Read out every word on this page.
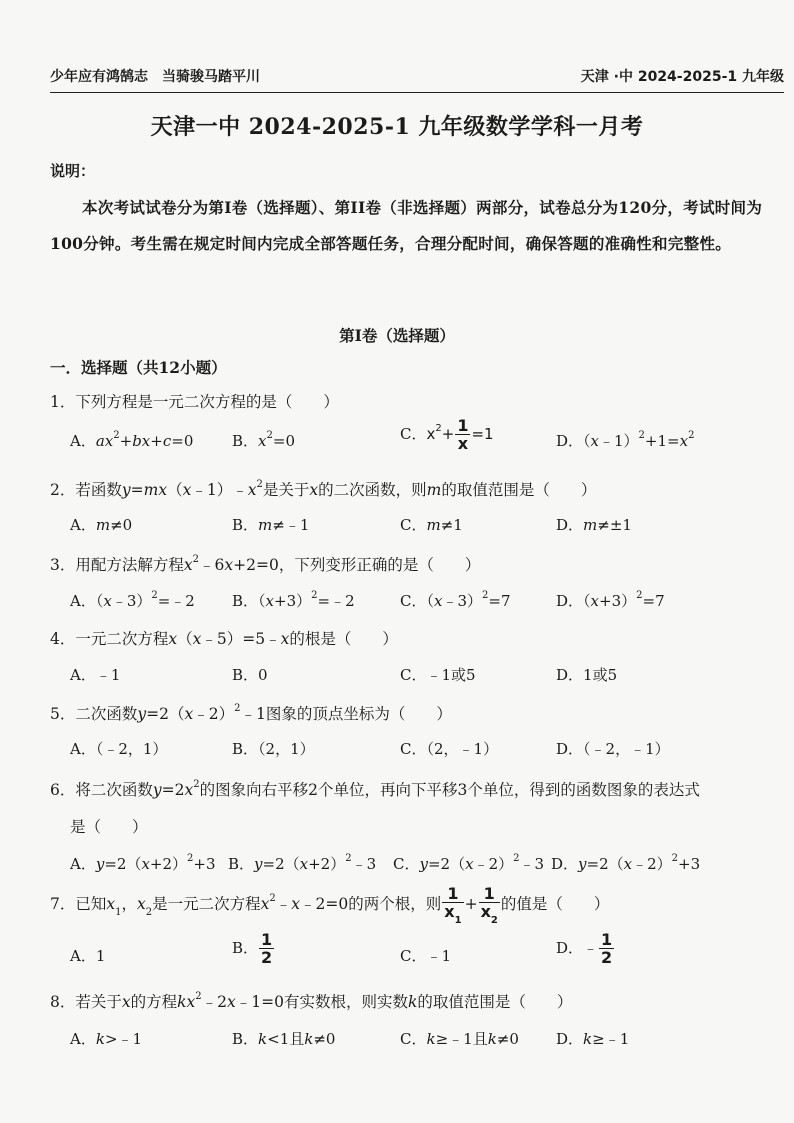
少年应有鸿鹄志　当骑骏马踏平川	天津 ·中 2024-2025-1 九年级
天津一中 2024-2025-1 九年级数学学科一月考
说明：
本次考试试卷分为第I卷（选择题）、第II卷（非选择题）两部分，试卷总分为120分，考试时间为100分钟。考生需在规定时间内完成全部答题任务，合理分配时间，确保答题的准确性和完整性。
第I卷（选择题）
一．选择题（共12小题）
1．下列方程是一元二次方程的是（　　）
A．$ax^2+bx+c=0$	B．$x^2=0$	C．$x^2+ \frac{1}{x} =1$	D．$(x﹣1)^2+1=x^2$
2．若函数$y=mx(x﹣1)﹣x^2$是关于x的二次函数，则m的取值范围是（　　）
A．m≠0	B．m≠﹣1	C．m≠1	D．m≠±1
3．用配方法解方程$x^2﹣6x+2=0$，下列变形正确的是（　　）
A．（x﹣3）$^2$=﹣2 B．$(x+3)^2=﹣2$	C．（x﹣3）$^2$=7	D．$(x+3)^2=7$
4．一元二次方程x（x﹣5）=5﹣x的根是（　　）
A．﹣1	B．0	C．﹣1或5	D．1或5
5．二次函数y=2（x﹣2）$^2$﹣1图象的顶点坐标为（　　）
A．（﹣2，1）	B．（2，1）	C．（2，﹣1）	D．（﹣2，﹣1）
6．将二次函数$y=2x^2$的图象向右平移2个单位，再向下平移3个单位，得到的函数图象的表达式
是（　　）
A．$y=2(x+2)^2+3$ B．$y=2(x+2)^2﹣3$ C．y=2（x﹣2）$^2$﹣3 D．y=2（x﹣2）$^2$+3
7．已知$x_1$，$x_2$是一元二次方程$x^2﹣x﹣2=0$的两个根，则 $\frac{1}{x_1} + \frac{1}{x_2}$ 的值是（　　）
A．1	B． $\frac{1}{2}$	C．﹣1	D．﹣ $\frac{1}{2}$
8．若关于x的方程$kx^2﹣2x﹣1=0$有实数根，则实数k的取值范围是（　　）
A．k>﹣1	B．k<1且k≠0	C．k≥﹣1且k≠0 D．k≥﹣1
